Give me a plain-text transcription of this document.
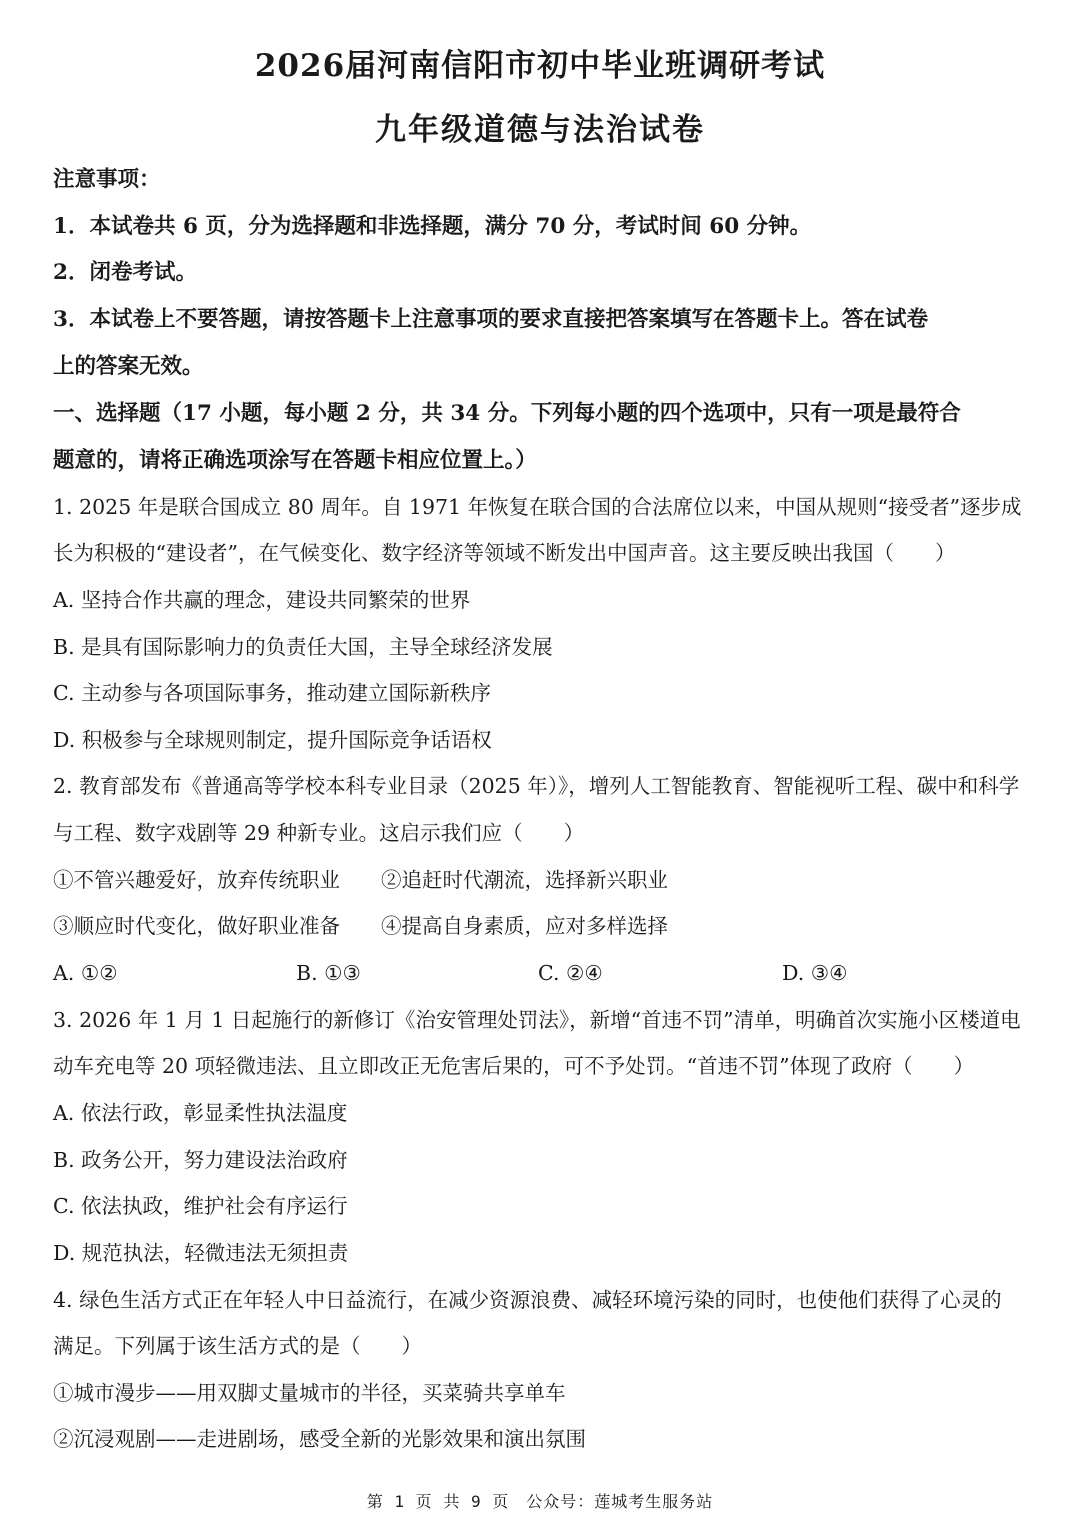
2026届河南信阳市初中毕业班调研考试
九年级道德与法治试卷
注意事项：
1．本试卷共 6 页，分为选择题和非选择题，满分 70 分，考试时间 60 分钟。
2．闭卷考试。
3．本试卷上不要答题，请按答题卡上注意事项的要求直接把答案填写在答题卡上。答在试卷
上的答案无效。
一、选择题（17 小题，每小题 2 分，共 34 分。下列每小题的四个选项中，只有一项是最符合
题意的，请将正确选项涂写在答题卡相应位置上。）
1. 2025 年是联合国成立 80 周年。自 1971 年恢复在联合国的合法席位以来，中国从规则“接受者”逐步成
长为积极的“建设者”，在气候变化、数字经济等领域不断发出中国声音。这主要反映出我国（　　）
A. 坚持合作共赢的理念，建设共同繁荣的世界
B. 是具有国际影响力的负责任大国，主导全球经济发展
C. 主动参与各项国际事务，推动建立国际新秩序
D. 积极参与全球规则制定，提升国际竞争话语权
2. 教育部发布《普通高等学校本科专业目录（2025 年）》，增列人工智能教育、智能视听工程、碳中和科学
与工程、数字戏剧等 29 种新专业。这启示我们应（　　）
①不管兴趣爱好，放弃传统职业　　②追赶时代潮流，选择新兴职业
③顺应时代变化，做好职业准备　　④提高自身素质，应对多样选择
A. ①②	B. ①③	C. ②④	D. ③④
3. 2026 年 1 月 1 日起施行的新修订《治安管理处罚法》，新增“首违不罚”清单，明确首次实施小区楼道电
动车充电等 20 项轻微违法、且立即改正无危害后果的，可不予处罚。“首违不罚”体现了政府（　　）
A. 依法行政，彰显柔性执法温度
B. 政务公开，努力建设法治政府
C. 依法执政，维护社会有序运行
D. 规范执法，轻微违法无须担责
4. 绿色生活方式正在年轻人中日益流行，在减少资源浪费、减轻环境污染的同时，也使他们获得了心灵的
满足。下列属于该生活方式的是（　　）
①城市漫步——用双脚丈量城市的半径，买菜骑共享单车
②沉浸观剧——走进剧场，感受全新的光影效果和演出氛围
第 1 页 共 9 页　公众号：莲城考生服务站
